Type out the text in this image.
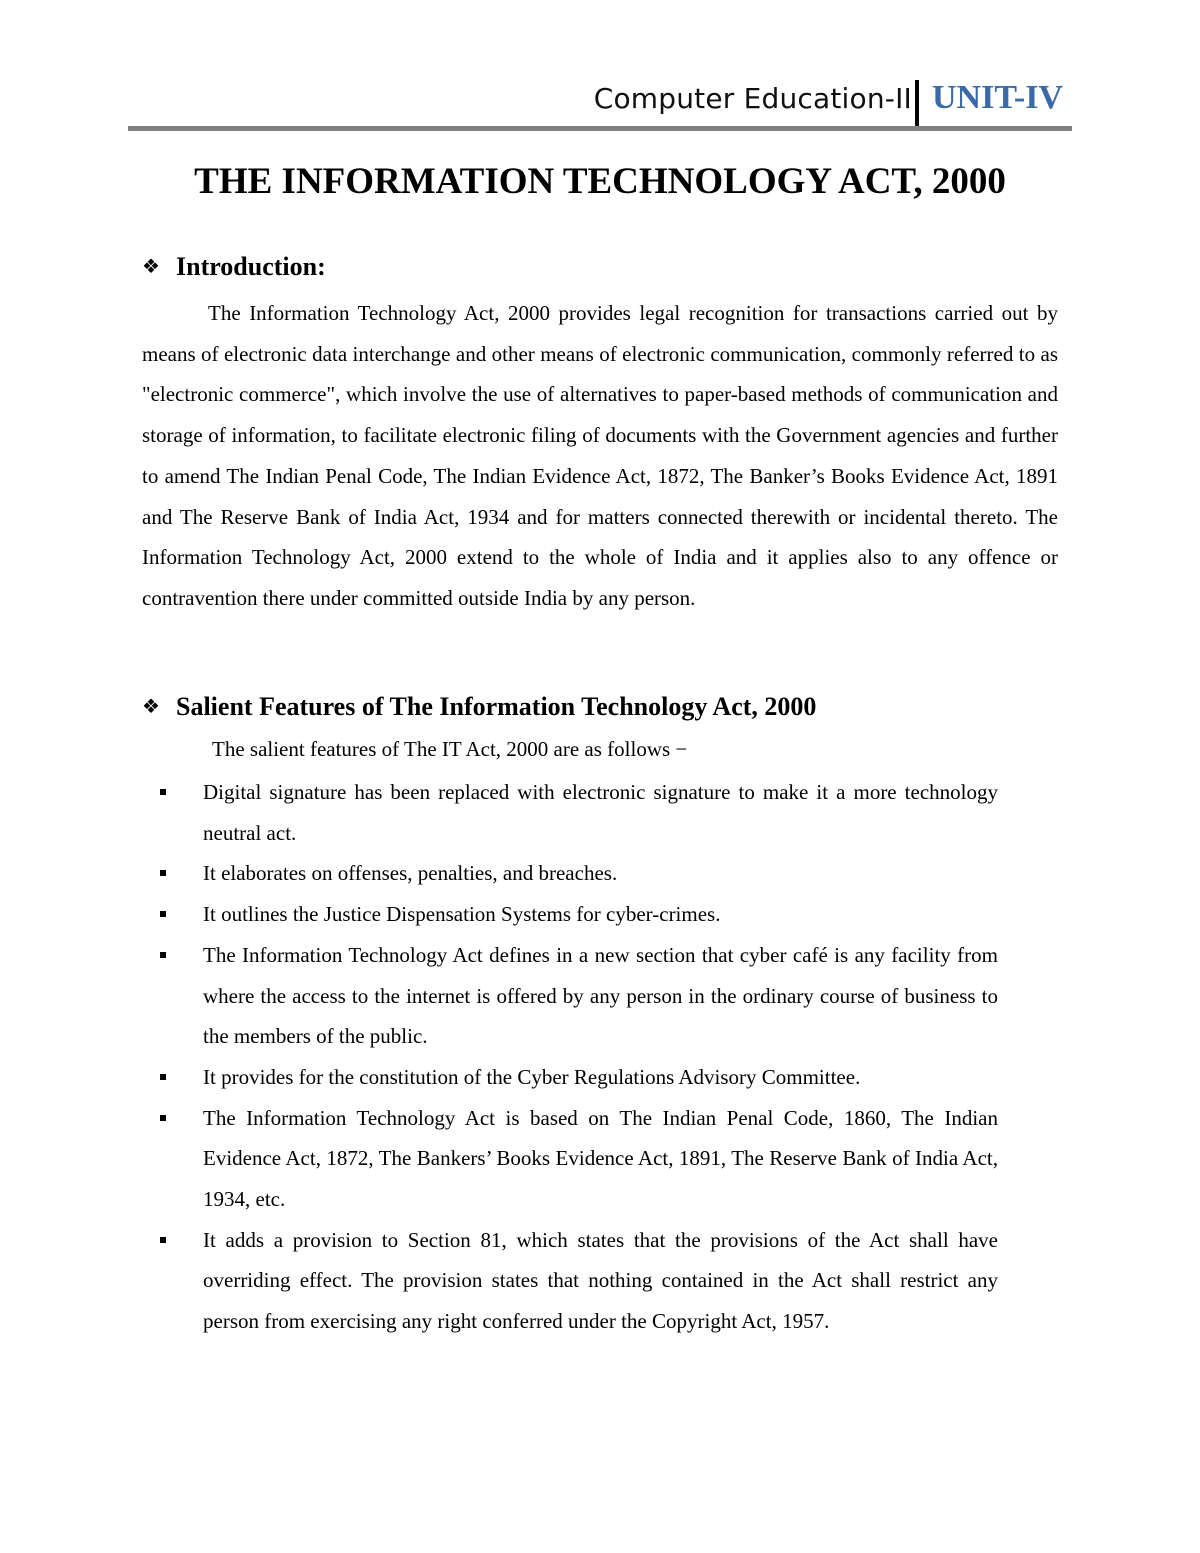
Computer Education-II UNIT-IV
THE INFORMATION TECHNOLOGY ACT, 2000
❖ Introduction:

The Information Technology Act, 2000 provides legal recognition for transactions carried out by means of electronic data interchange and other means of electronic communication, commonly referred to as "electronic commerce", which involve the use of alternatives to paper-based methods of communication and storage of information, to facilitate electronic filing of documents with the Government agencies and further to amend The Indian Penal Code, The Indian Evidence Act, 1872, The Banker’s Books Evidence Act, 1891 and The Reserve Bank of India Act, 1934 and for matters connected therewith or incidental thereto. The Information Technology Act, 2000 extend to the whole of India and it applies also to any offence or contravention there under committed outside India by any person.

❖ Salient Features of The Information Technology Act, 2000
The salient features of The IT Act, 2000 are as follows −
Digital signature has been replaced with electronic signature to make it a more technology neutral act.
It elaborates on offenses, penalties, and breaches.
It outlines the Justice Dispensation Systems for cyber-crimes.
The Information Technology Act defines in a new section that cyber café is any facility from where the access to the internet is offered by any person in the ordinary course of business to the members of the public.
It provides for the constitution of the Cyber Regulations Advisory Committee.
The Information Technology Act is based on The Indian Penal Code, 1860, The Indian Evidence Act, 1872, The Bankers’ Books Evidence Act, 1891, The Reserve Bank of India Act, 1934, etc.
It adds a provision to Section 81, which states that the provisions of the Act shall have overriding effect. The provision states that nothing contained in the Act shall restrict any person from exercising any right conferred under the Copyright Act, 1957.
